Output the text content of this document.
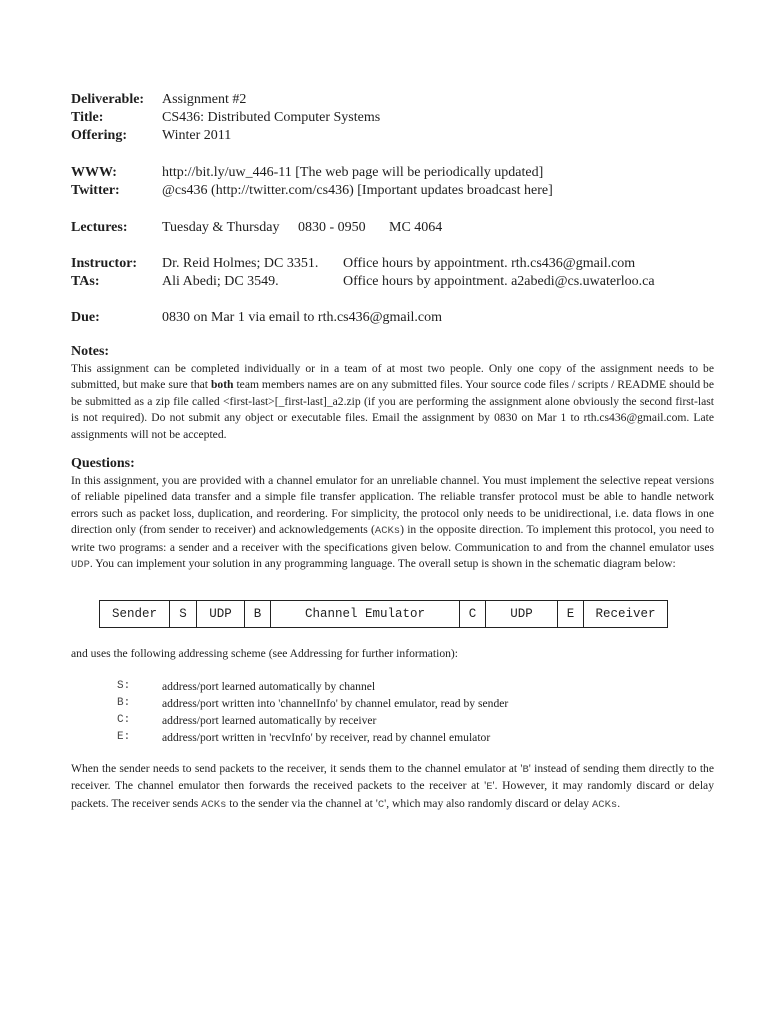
Deliverable: Assignment #2
Title:	CS436: Distributed Computer Systems
Offering:	Winter 2011
WWW:	http://bit.ly/uw_446-11 [The web page will be periodically updated]
Twitter:	@cs436 (http://twitter.com/cs436) [Important updates broadcast here]
Lectures: Tuesday & Thursday 0830 - 0950 MC 4064
Instructor: Dr. Reid Holmes; DC 3351. Office hours by appointment. rth.cs436@gmail.com
TAs:	Ali Abedi; DC 3549.	Office hours by appointment. a2abedi@cs.uwaterloo.ca
Due:	0830 on Mar 1 via email to rth.cs436@gmail.com
Notes:
This assignment can be completed individually or in a team of at most two people. Only one copy of the assignment needs to be submitted, but make sure that both team members names are on any submitted files. Your source code files / scripts / README should be be submitted as a zip file called <first-last>[_first-last]_a2.zip (if you are performing the assignment alone obviously the second first-last is not required). Do not submit any object or executable files. Email the assignment by 0830 on Mar 1 to rth.cs436@gmail.com. Late assignments will not be accepted.
Questions:
In this assignment, you are provided with a channel emulator for an unreliable channel. You must implement the selective repeat versions of reliable pipelined data transfer and a simple file transfer application. The reliable transfer protocol must be able to handle network errors such as packet loss, duplication, and reordering. For simplicity, the protocol only needs to be unidirectional, i.e. data flows in one direction only (from sender to receiver) and acknowledgements (ACKs) in the opposite direction. To implement this protocol, you need to write two programs: a sender and a receiver with the specifications given below. Communication to and from the channel emulator uses UDP. You can implement your solution in any programming language. The overall setup is shown in the schematic diagram below:
Sender	S	UDP	B	Channel Emulator	C	UDP	E	Receiver
and uses the following addressing scheme (see Addressing for further information):
S:	address/port learned automatically by channel
B:	address/port written into 'channelInfo' by channel emulator, read by sender
C:	address/port learned automatically by receiver
E:	address/port written in 'recvInfo' by receiver, read by channel emulator
When the sender needs to send packets to the receiver, it sends them to the channel emulator at 'B' instead of sending them directly to the receiver. The channel emulator then forwards the received packets to the receiver at 'E'. However, it may randomly discard or delay packets. The receiver sends ACKs to the sender via the channel at 'C', which may also randomly discard or delay ACKs.
